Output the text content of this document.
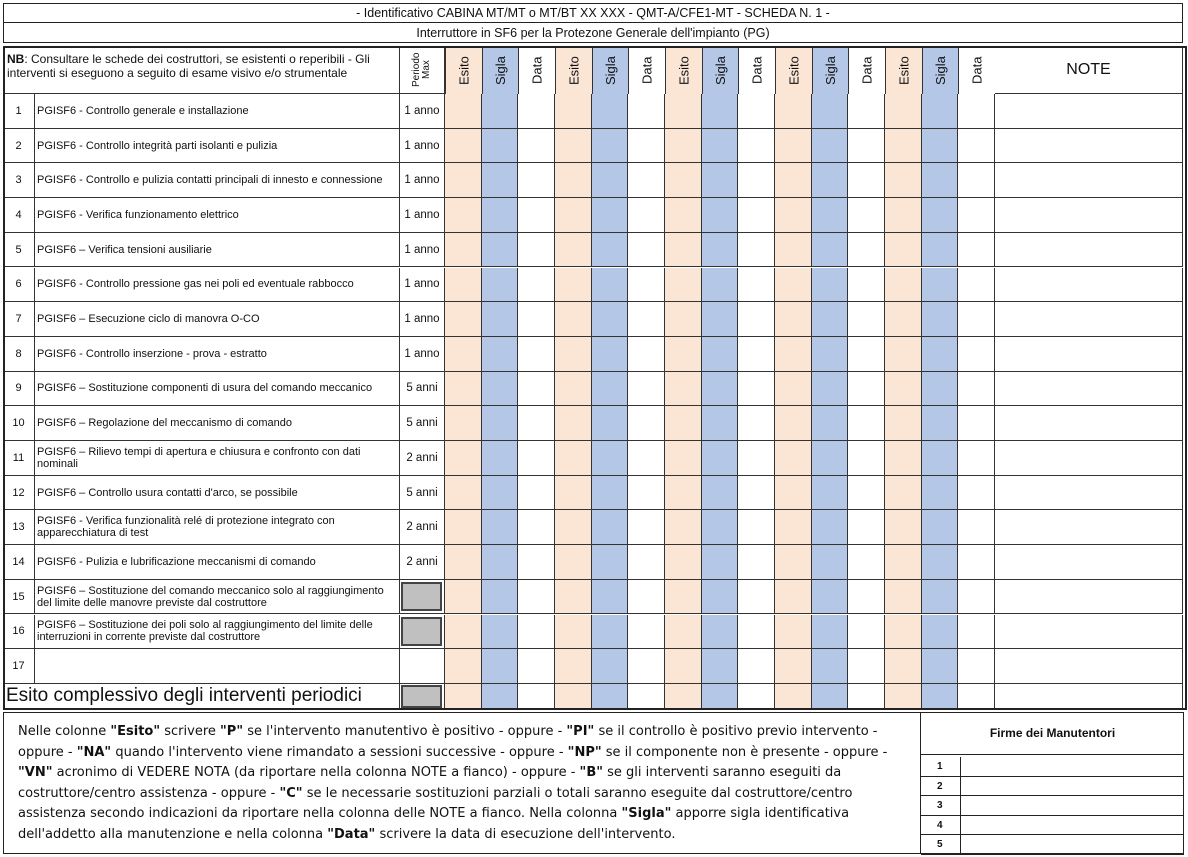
- Identificativo CABINA MT/MT o MT/BT XX XXX - QMT-A/CFE1-MT - SCHEDA N. 1 -
Interruttore in SF6 per la Protezone Generale dell'impianto (PG)
NB: Consultare le schede dei costruttori, se esistenti o reperibili - Gli interventi si eseguono a seguito di esame visivo e/o strumentale	Periodo Max	Esito	Sigla	Data	Esito	Sigla	Data	Esito	Sigla	Data	Esito	Sigla	Data	Esito	Sigla	Data	NOTE
1	PGISF6 - Controllo generale e installazione	1 anno
2	PGISF6 - Controllo integrità parti isolanti e pulizia	1 anno
3	PGISF6 - Controllo e pulizia contatti principali di innesto e connessione	1 anno
4	PGISF6 - Verifica funzionamento elettrico	1 anno
5	PGISF6 – Verifica tensioni ausiliarie	1 anno
6	PGISF6 - Controllo pressione gas nei poli ed eventuale rabbocco	1 anno
7	PGISF6 – Esecuzione ciclo di manovra O-CO	1 anno
8	PGISF6 - Controllo inserzione - prova - estratto	1 anno
9	PGISF6 – Sostituzione componenti di usura del comando meccanico	5 anni
10	PGISF6 – Regolazione del meccanismo di comando	5 anni
11	PGISF6 – Rilievo tempi di apertura e chiusura e confronto con dati nominali	2 anni
12	PGISF6 – Controllo usura contatti d'arco, se possibile	5 anni
13	PGISF6 - Verifica funzionalità relé di protezione integrato con apparecchiatura di test	2 anni
14	PGISF6 - Pulizia e lubrificazione meccanismi di comando	2 anni
15	PGISF6 – Sostituzione del comando meccanico solo al raggiungimento del limite delle manovre previste dal costruttore
16	PGISF6 – Sostituzione dei poli solo al raggiungimento del limite delle interruzioni in corrente previste dal costruttore
17
Esito complessivo degli interventi periodici
Nelle colonne "Esito" scrivere "P" se l'intervento manutentivo è positivo - oppure - "PI" se il controllo è positivo previo intervento - oppure - "NA" quando l'intervento viene rimandato a sessioni successive - oppure - "NP" se il componente non è presente - oppure - "VN" acronimo di VEDERE NOTA (da riportare nella colonna NOTE a fianco) - oppure - "B" se gli interventi saranno eseguiti da costruttore/centro assistenza - oppure - "C" se le necessarie sostituzioni parziali o totali saranno eseguite dal costruttore/centro assistenza secondo indicazioni da riportare nella colonna delle NOTE a fianco. Nella colonna "Sigla" apporre sigla identificativa dell'addetto alla manutenzione e nella colonna "Data" scrivere la data di esecuzione dell'intervento.
Firme dei Manutentori
1
2
3
4
5
